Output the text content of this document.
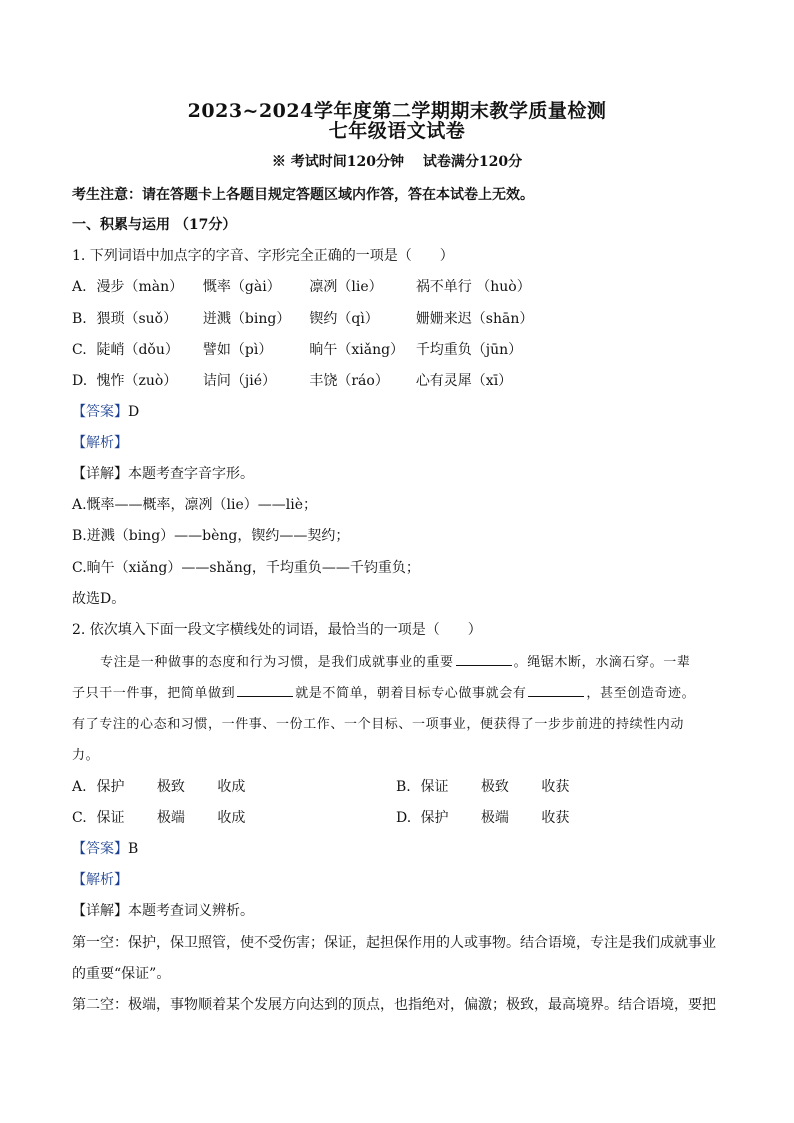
2023~2024学年度第二学期期末教学质量检测
七年级语文试卷
※ 考试时间120分钟　 试卷满分120分
考生注意：请在答题卡上各题目规定答题区域内作答，答在本试卷上无效。
一、积累与运用 （17分）
1. 下列词语中加点字的字音、字形完全正确的一项是（　　）
A. 漫步（màn） 慨率（gài） 凛冽（lie） 祸不单行 （huò）
B. 猥琐（suǒ） 迸溅（bing） 锲约（qì）	姗姗来迟（shān）
C. 陡峭（dǒu） 譬如（pì）	晌午（xiǎng） 千均重负（jūn）
D. 愧怍（zuò） 诘问（jié） 丰饶（ráo） 心有灵犀（xī）
【答案】D
【解析】
【详解】本题考查字音字形。
A.慨率——概率，凛冽（lie）——liè；
B.迸溅（bing）——bèng，锲约——契约；
C.晌午（xiǎng）——shǎng，千均重负——千钧重负；
故选D。
2. 依次填入下面一段文字横线处的词语，最恰当的一项是（　　）
专注是一种做事的态度和行为习惯，是我们成就事业的重要	。绳锯木断，水滴石穿。一辈
子只干一件事，把简单做到	就是不简单，朝着目标专心做事就会有	，甚至创造奇迹。
有了专注的心态和习惯，一件事、一份工作、一个目标、一项事业，便获得了一步步前进的持续性内动
力。
A. 保护 极致 收成	B. 保证 极致 收获
C. 保证 极端 收成	D. 保护 极端 收获
【答案】B
【解析】
【详解】本题考查词义辨析。
第一空：保护，保卫照管，使不受伤害；保证，起担保作用的人或事物。结合语境，专注是我们成就事业
的重要“保证”。
第二空：极端，事物顺着某个发展方向达到的顶点，也指绝对，偏激；极致，最高境界。结合语境，要把
